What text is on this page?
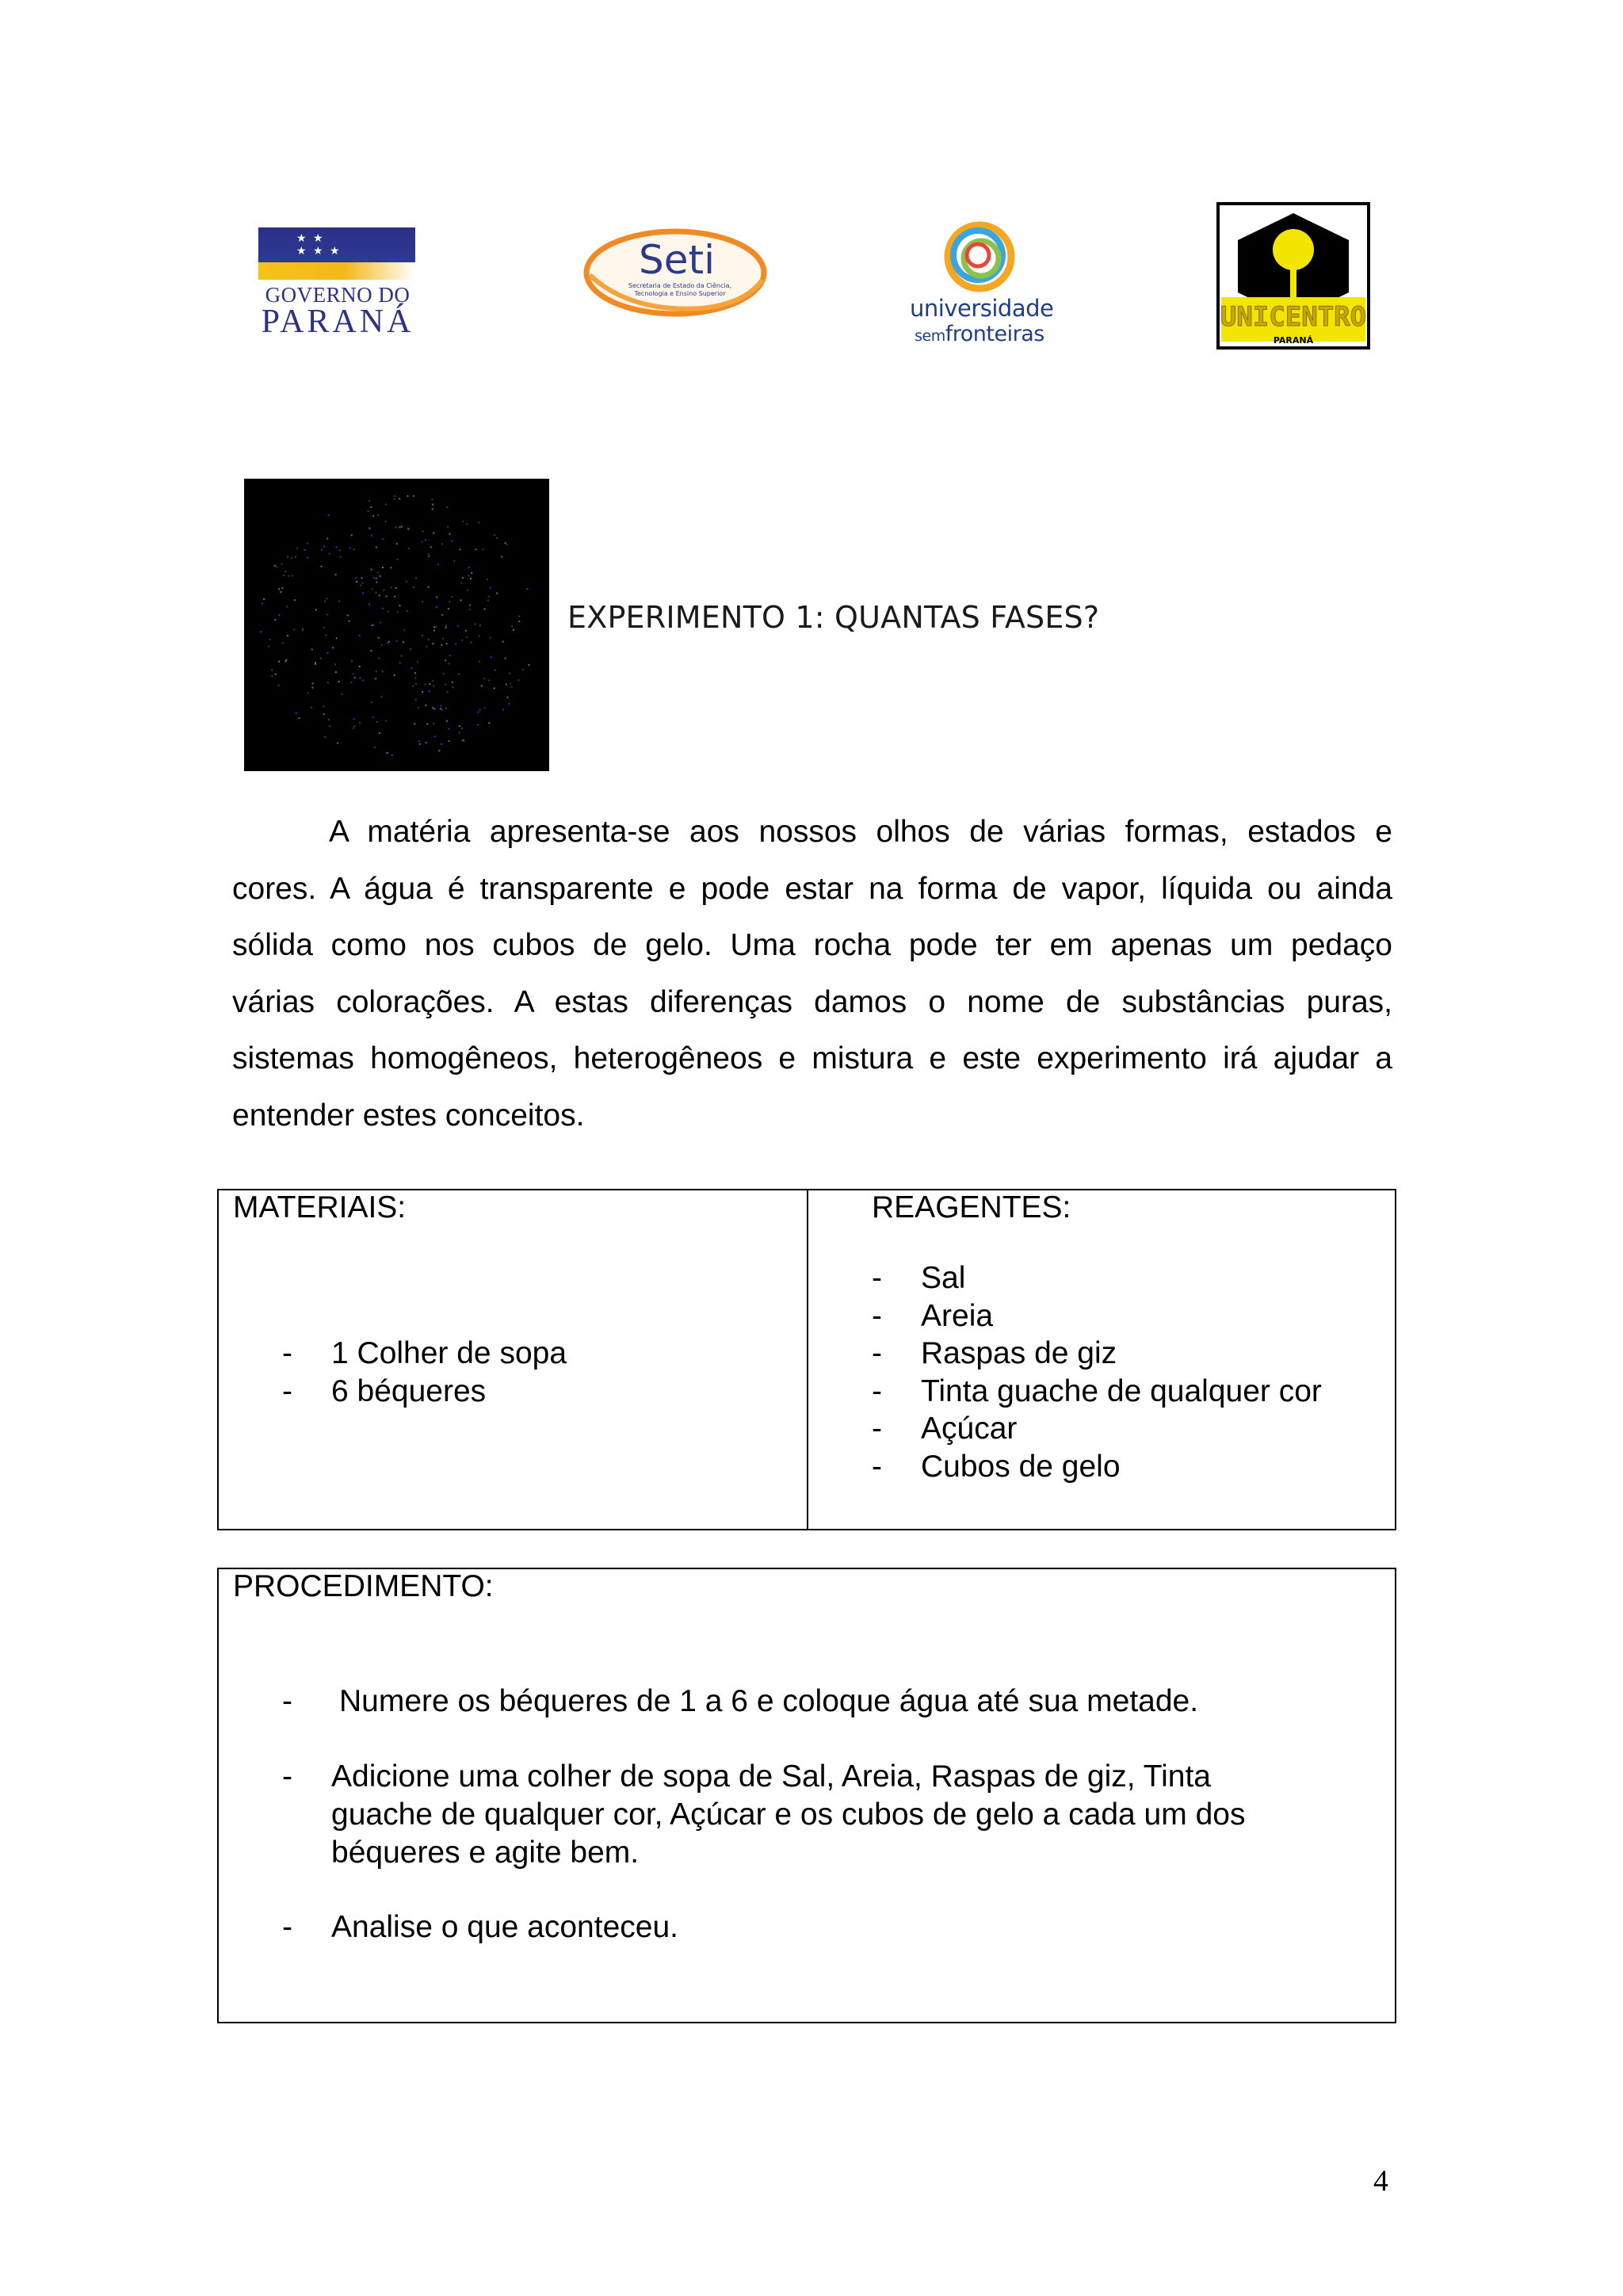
★ ★
★ ★ ★
GOVERNO DO
PARANÁ
Seti
Secretaria de Estado da Ciência,
Tecnologia e Ensino Superior
universidade
semfronteiras
UNICENTRO
PARANÁ
EXPERIMENTO 1: QUANTAS FASES?
A matéria apresenta-se aos nossos olhos de várias formas, estados e
cores. A água é transparente e pode estar na forma de vapor, líquida ou ainda
sólida como nos cubos de gelo. Uma rocha pode ter em apenas um pedaço
várias colorações. A estas diferenças damos o nome de substâncias puras,
sistemas homogêneos, heterogêneos e mistura e este experimento irá ajudar a
entender estes conceitos.
MATERIAIS:
- 1 Colher de sopa
- 6 béqueres
REAGENTES:
- Sal
- Areia
- Raspas de giz
- Tinta guache de qualquer cor
- Açúcar
- Cubos de gelo
PROCEDIMENTO:
- Numere os béqueres de 1 a 6 e coloque água até sua metade.
- Adicione uma colher de sopa de Sal, Areia, Raspas de giz, Tinta
guache de qualquer cor, Açúcar e os cubos de gelo a cada um dos
béqueres e agite bem.
- Analise o que aconteceu.
4
